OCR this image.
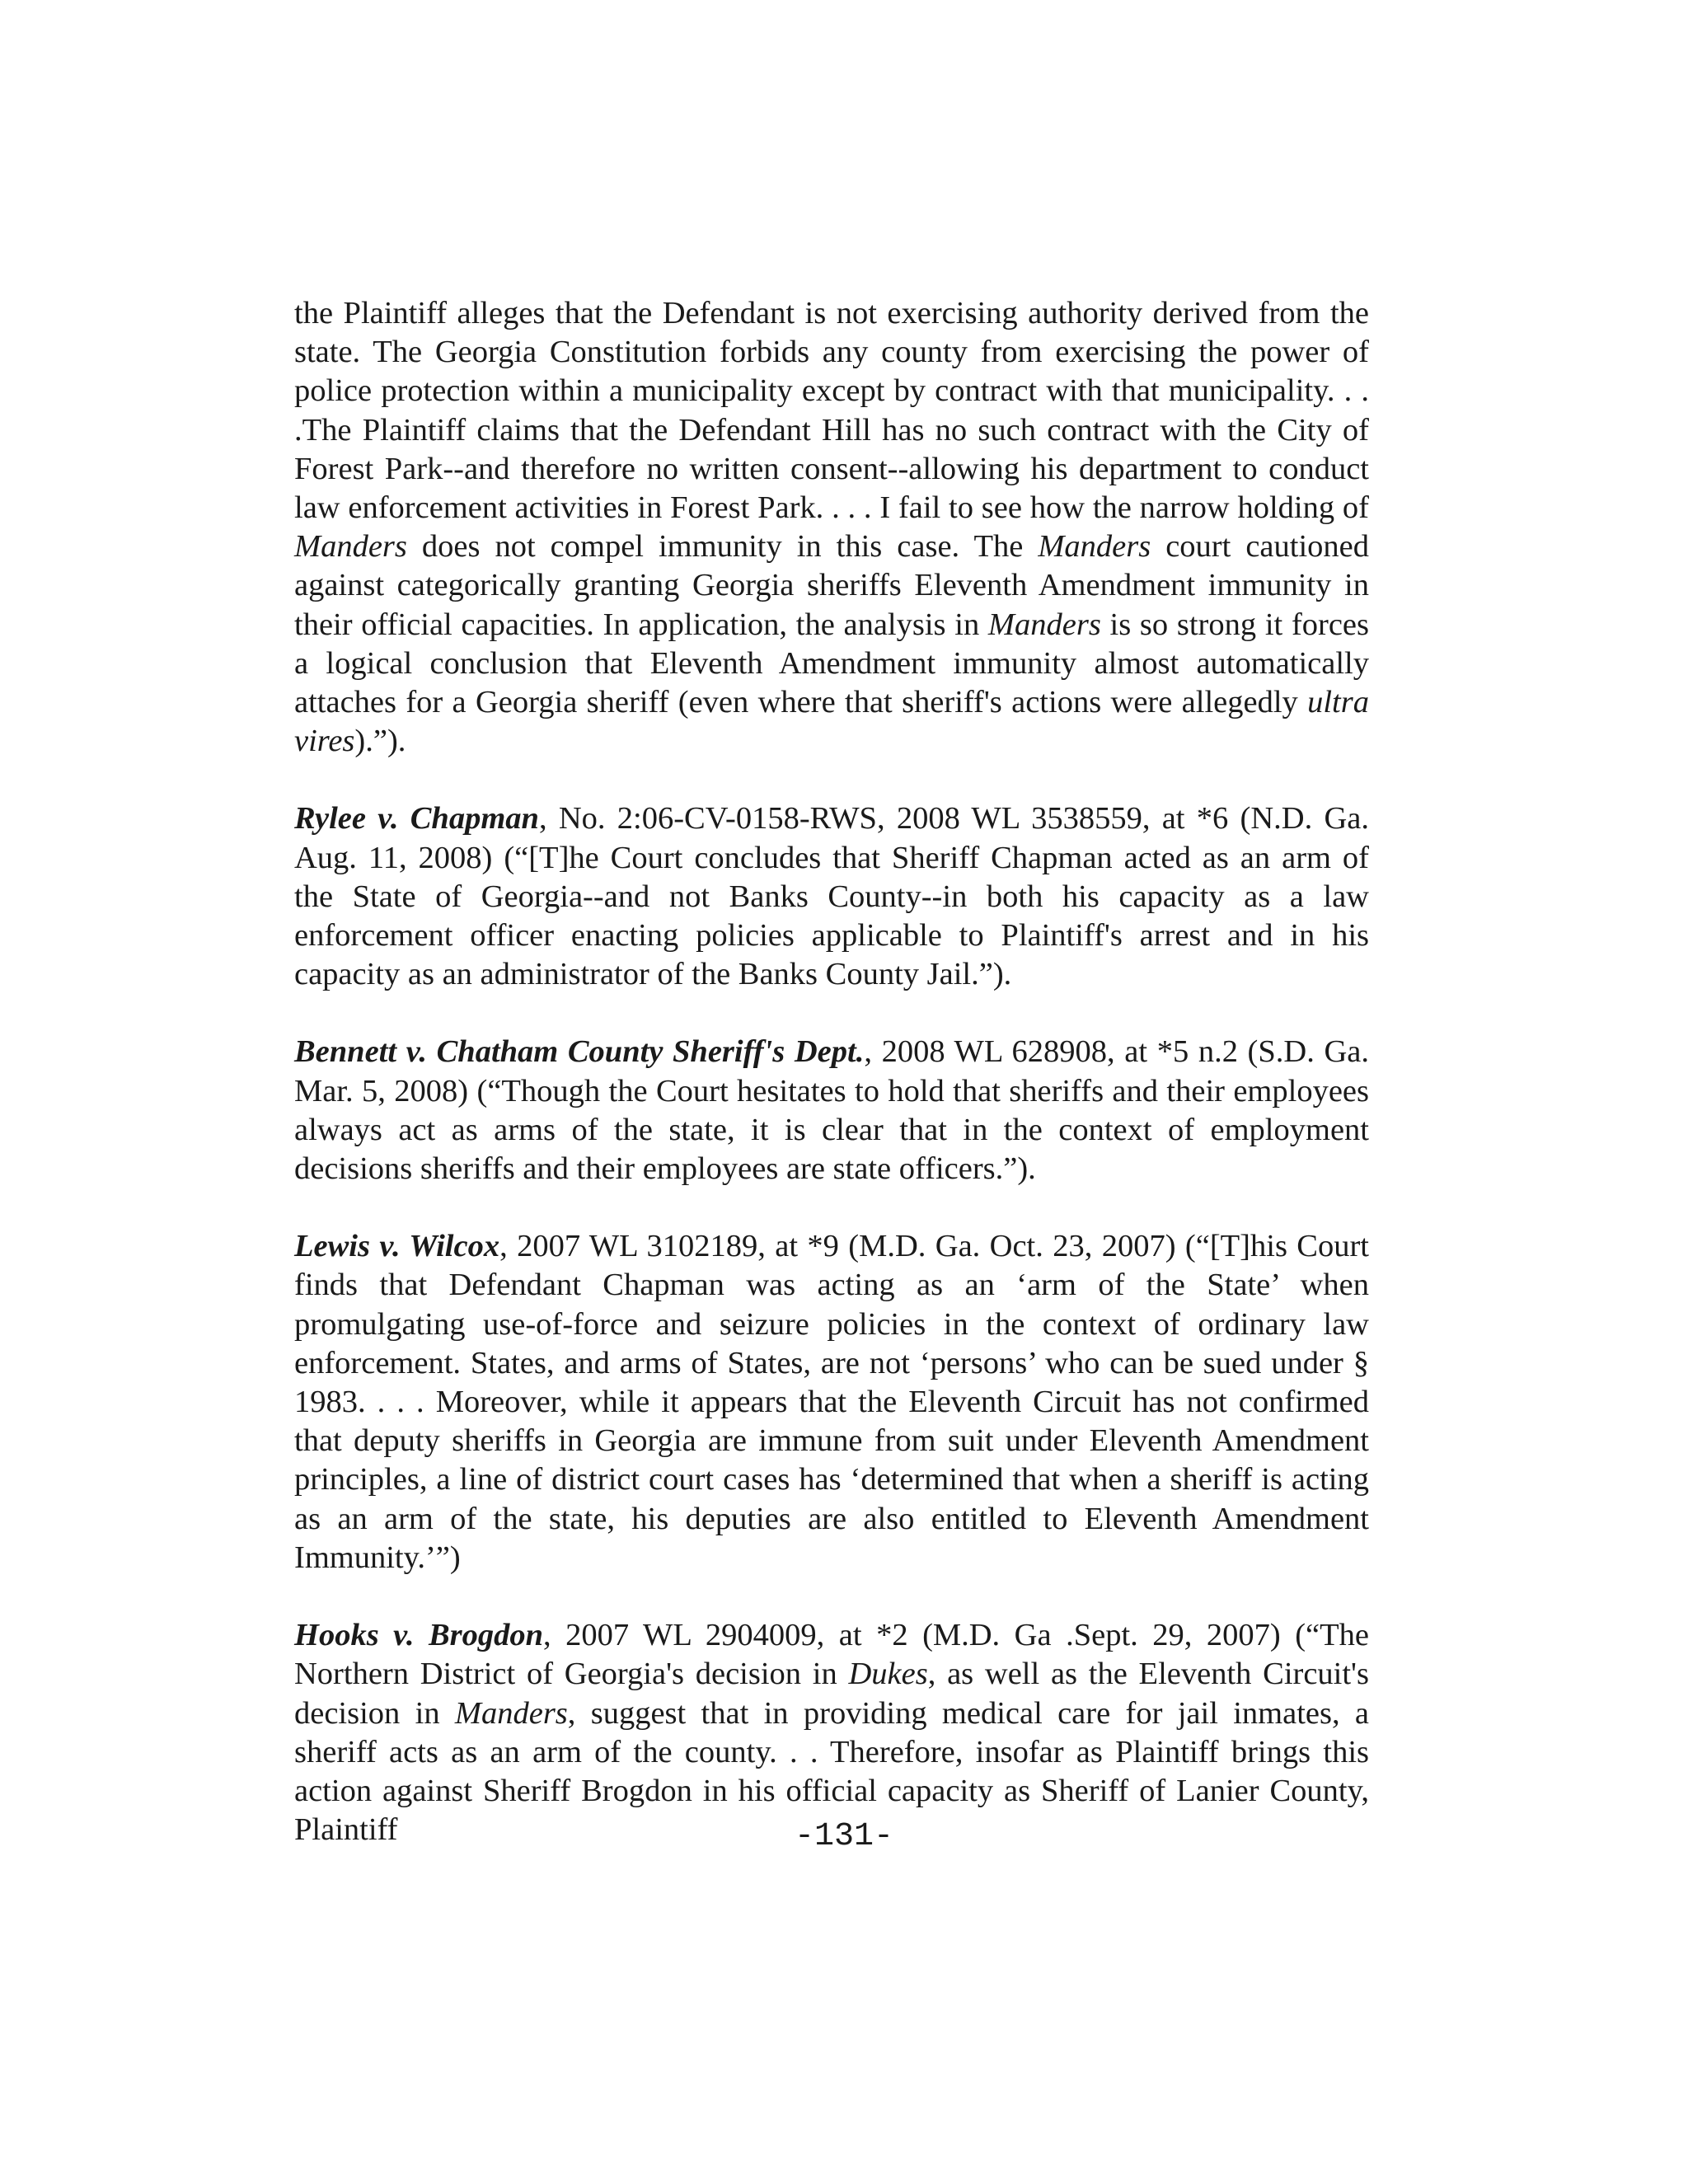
the Plaintiff alleges that the Defendant is not exercising authority derived from the state. The Georgia Constitution forbids any county from exercising the power of police protection within a municipality except by contract with that municipality. . . .The Plaintiff claims that the Defendant Hill has no such contract with the City of Forest Park--and therefore no written consent--allowing his department to conduct law enforcement activities in Forest Park. . . . I fail to see how the narrow holding of Manders does not compel immunity in this case. The Manders court cautioned against categorically granting Georgia sheriffs Eleventh Amendment immunity in their official capacities. In application, the analysis in Manders is so strong it forces a logical conclusion that Eleventh Amendment immunity almost automatically attaches for a Georgia sheriff (even where that sheriff's actions were allegedly ultra vires).”).

Rylee v. Chapman, No. 2:06-CV-0158-RWS, 2008 WL 3538559, at *6 (N.D. Ga. Aug. 11, 2008) (“[T]he Court concludes that Sheriff Chapman acted as an arm of the State of Georgia--and not Banks County--in both his capacity as a law enforcement officer enacting policies applicable to Plaintiff's arrest and in his capacity as an administrator of the Banks County Jail.”).

Bennett v. Chatham County Sheriff's Dept., 2008 WL 628908, at *5 n.2 (S.D. Ga. Mar. 5, 2008) (“Though the Court hesitates to hold that sheriffs and their employees always act as arms of the state, it is clear that in the context of employment decisions sheriffs and their employees are state officers.”).

Lewis v. Wilcox, 2007 WL 3102189, at *9 (M.D. Ga. Oct. 23, 2007) (“[T]his Court finds that Defendant Chapman was acting as an ‘arm of the State’ when promulgating use-of-force and seizure policies in the context of ordinary law enforcement. States, and arms of States, are not ‘persons’ who can be sued under § 1983. . . . Moreover, while it appears that the Eleventh Circuit has not confirmed that deputy sheriffs in Georgia are immune from suit under Eleventh Amendment principles, a line of district court cases has ‘determined that when a sheriff is acting as an arm of the state, his deputies are also entitled to Eleventh Amendment Immunity.’”)

Hooks v. Brogdon, 2007 WL 2904009, at *2 (M.D. Ga .Sept. 29, 2007) (“The Northern District of Georgia's decision in Dukes, as well as the Eleventh Circuit's decision in Manders, suggest that in providing medical care for jail inmates, a sheriff acts as an arm of the county. . . Therefore, insofar as Plaintiff brings this action against Sheriff Brogdon in his official capacity as Sheriff of Lanier County, Plaintiff	-131-
